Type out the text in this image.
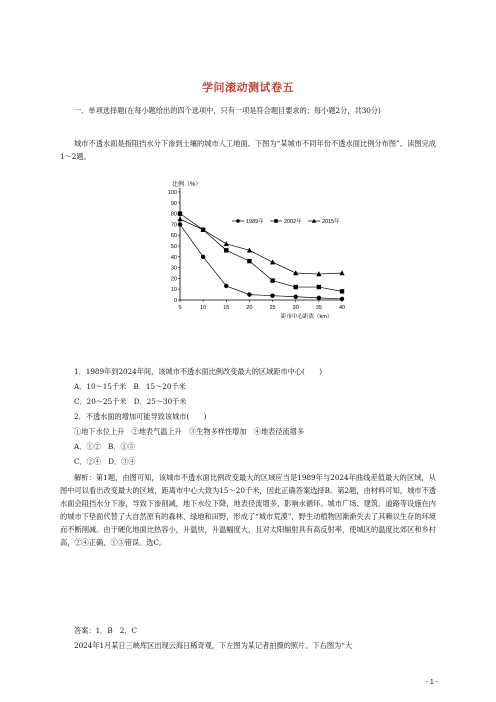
学问滚动测试卷五
一、单项选择题(在每小题给出的四个选项中，只有一项是符合题目要求的；每小题2分，共30分)
城市不透水面是指阻挡水分下渗到土壤的城市人工地面。下图为“某城市不同年份不透水面比例分布图”。读图完成1～2题。
比例（%）
距市中心距离（km）
0
10
20
30
40
50
60
70
80
90
100
5	10	15	20	25	30	35	40
1989年	2002年	2015年
1．1989年到2024年间，该城市不透水面比例改变最大的区域距市中心(　　)
A．10～15千米　 B．15～20千米
C．20～25千米　 D．25～30千米
2．不透水面的增加可能导致该城市(　　)
①地下水位上升　②地表气温上升　③生物多样性增加　④地表径流增多
A．①②　 B．①③
C．②④　 D．③④
解析：第1题，由图可知，该城市不透水面比例改变最大的区域应当是1989年与2024年曲线差值最大的区域，从图中可以看出改变最大的区域，距离市中心大致为15～20千米，因此正确答案选择B。第2题，由材料可知，城市不透水面会阻挡水分下渗，导致下渗削减，地下水位下降，地表径流增多，影响水循环。城市广场、建筑、道路等设施在内的城市下垫面代替了大自然原有的森林、绿地和田野，形成了“城市荒漠”，野生动植物因渐渐失去了其赖以生存的环境而不断削减。由于硬化地面比热容小，升温快，升温幅度大，且对太阳辐射具有高反射率，使城区的温度比郊区和乡村高，②④正确，①③错误。选C。
答案：1．B　2．C
2024年1月某日三峡库区出现云海日稀奇观，下左图为某记者拍摄的照片。下右图为“大
- 1 -
